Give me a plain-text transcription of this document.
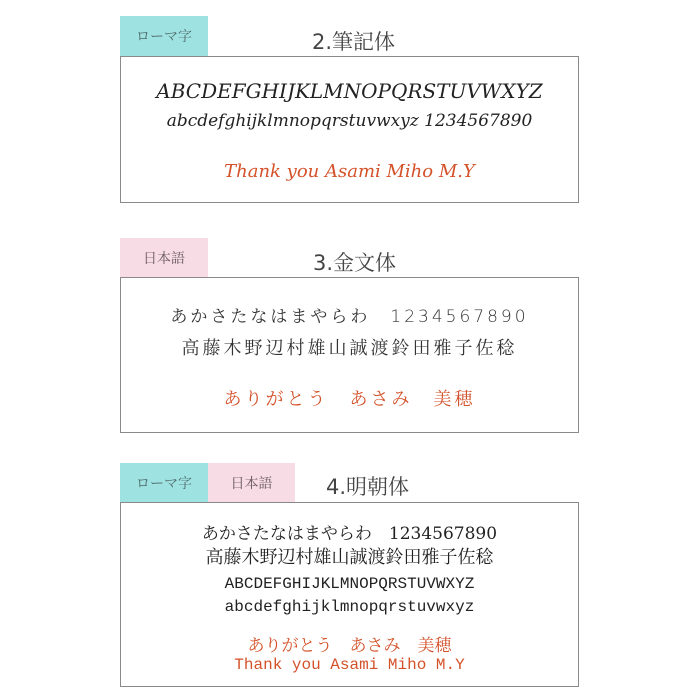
ローマ字	2.筆記体
ABCDEFGHIJKLMNOPQRSTUVWXYZ
abcdefghijklmnopqrstuvwxyz 1234567890
Thank you Asami Miho M.Y
日本語	3.金文体
あかさたなはまやらわ　1234567890
高藤木野辺村雄山誠渡鈴田雅子佐稔
ありがとう　あさみ　美穂
ローマ字	日本語	4.明朝体
あかさたなはまやらわ　1234567890
高藤木野辺村雄山誠渡鈴田雅子佐稔
ABCDEFGHIJKLMNOPQRSTUVWXYZ
abcdefghijklmnopqrstuvwxyz
ありがとう　あさみ　美穂
Thank you Asami Miho M.Y
